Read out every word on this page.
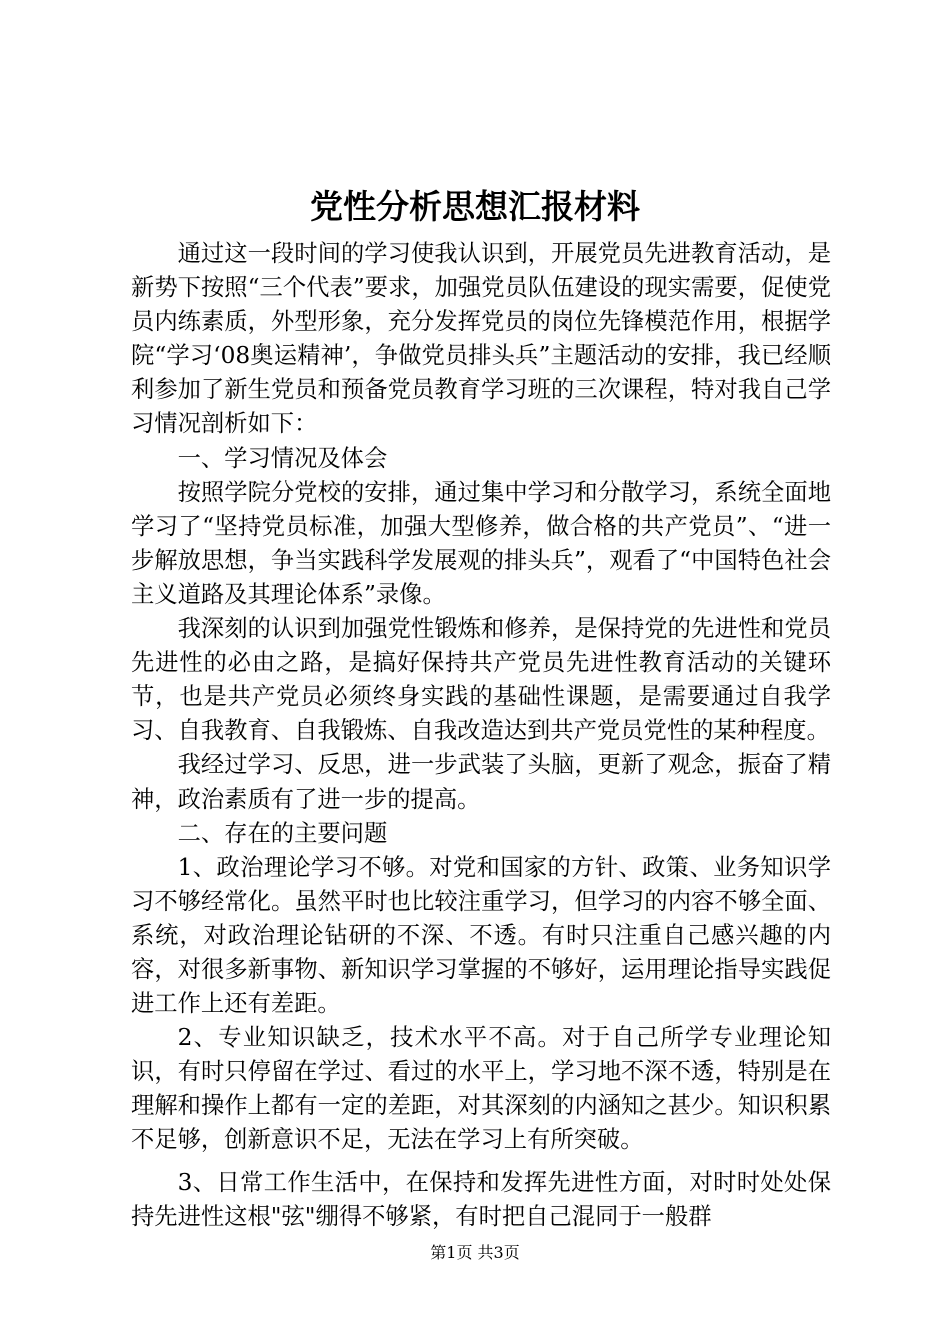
党性分析思想汇报材料

通过这一段时间的学习使我认识到，开展党员先进教育活动，是新势下按照“三个代表”要求，加强党员队伍建设的现实需要，促使党员内练素质，外型形象，充分发挥党员的岗位先锋模范作用，根据学院“学习‘08奥运精神’，争做党员排头兵”主题活动的安排，我已经顺利参加了新生党员和预备党员教育学习班的三次课程，特对我自己学习情况剖析如下：

一、学习情况及体会

按照学院分党校的安排，通过集中学习和分散学习，系统全面地学习了“坚持党员标准，加强大型修养，做合格的共产党员”、“进一步解放思想，争当实践科学发展观的排头兵”，观看了“中国特色社会主义道路及其理论体系”录像。

我深刻的认识到加强党性锻炼和修养，是保持党的先进性和党员先进性的必由之路，是搞好保持共产党员先进性教育活动的关键环节，也是共产党员必须终身实践的基础性课题，是需要通过自我学习、自我教育、自我锻炼、自我改造达到共产党员党性的某种程度。

我经过学习、反思，进一步武装了头脑，更新了观念，振奋了精神，政治素质有了进一步的提高。

二、存在的主要问题

1、政治理论学习不够。对党和国家的方针、政策、业务知识学习不够经常化。虽然平时也比较注重学习，但学习的内容不够全面、系统，对政治理论钻研的不深、不透。有时只注重自己感兴趣的内容，对很多新事物、新知识学习掌握的不够好，运用理论指导实践促进工作上还有差距。

2、专业知识缺乏，技术水平不高。对于自己所学专业理论知识，有时只停留在学过、看过的水平上，学习地不深不透，特别是在理解和操作上都有一定的差距，对其深刻的内涵知之甚少。知识积累不足够，创新意识不足，无法在学习上有所突破。

3、日常工作生活中，在保持和发挥先进性方面，对时时处处保持先进性这根"弦"绷得不够紧，有时把自己混同于一般群

第1页 共3页
